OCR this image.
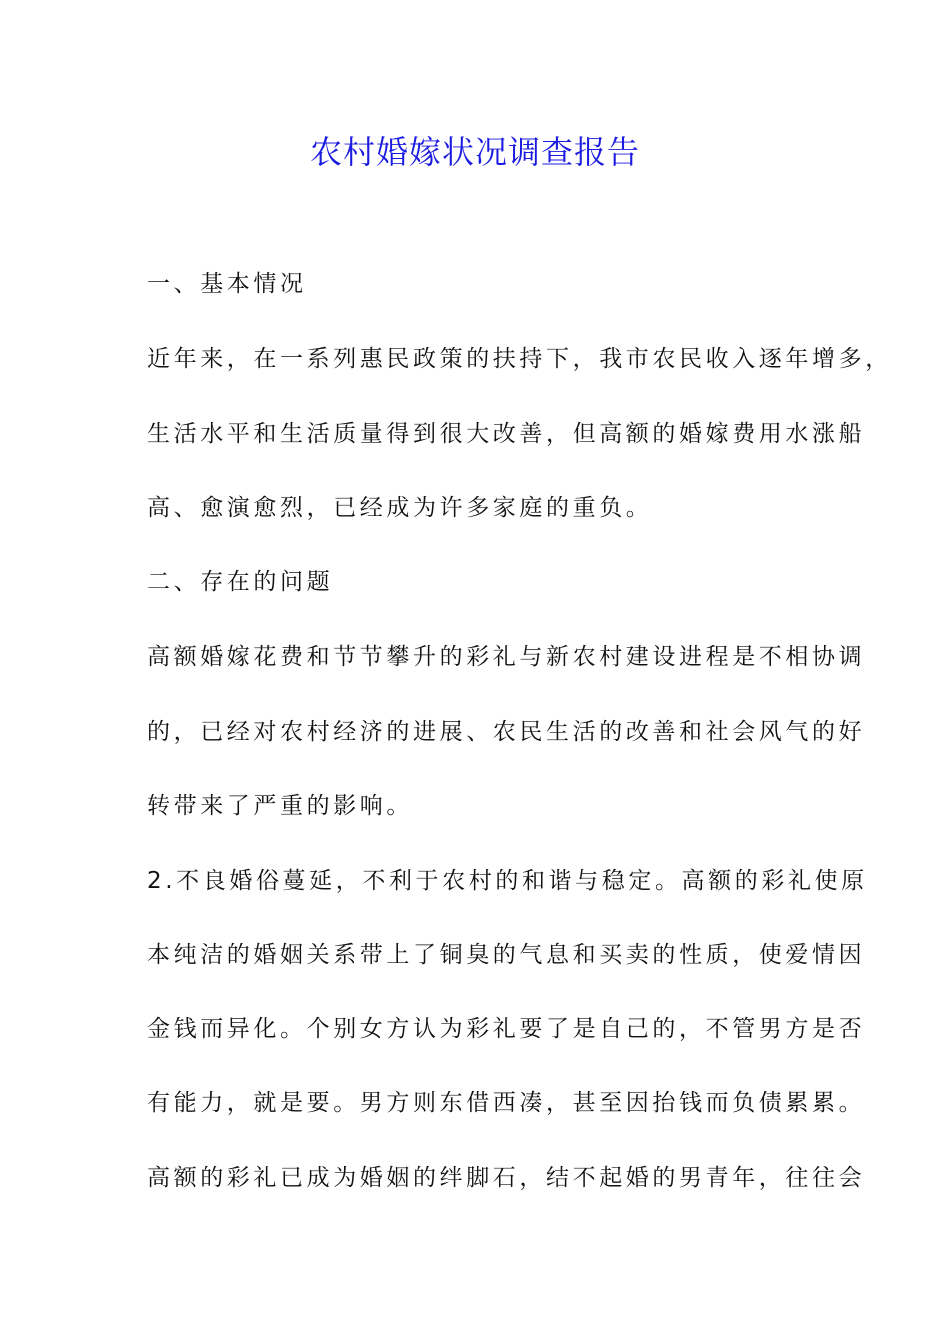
农村婚嫁状况调查报告
一、基本情况
近年来，在一系列惠民政策的扶持下，我市农民收入逐年增多，
生活水平和生活质量得到很大改善，但高额的婚嫁费用水涨船
高、愈演愈烈，已经成为许多家庭的重负。
二、存在的问题
高额婚嫁花费和节节攀升的彩礼与新农村建设进程是不相协调
的，已经对农村经济的进展、农民生活的改善和社会风气的好
转带来了严重的影响。
2.不良婚俗蔓延，不利于农村的和谐与稳定。高额的彩礼使原
本纯洁的婚姻关系带上了铜臭的气息和买卖的性质，使爱情因
金钱而异化。个别女方认为彩礼要了是自己的，不管男方是否
有能力，就是要。男方则东借西凑，甚至因抬钱而负债累累。
高额的彩礼已成为婚姻的绊脚石，结不起婚的男青年，往往会
